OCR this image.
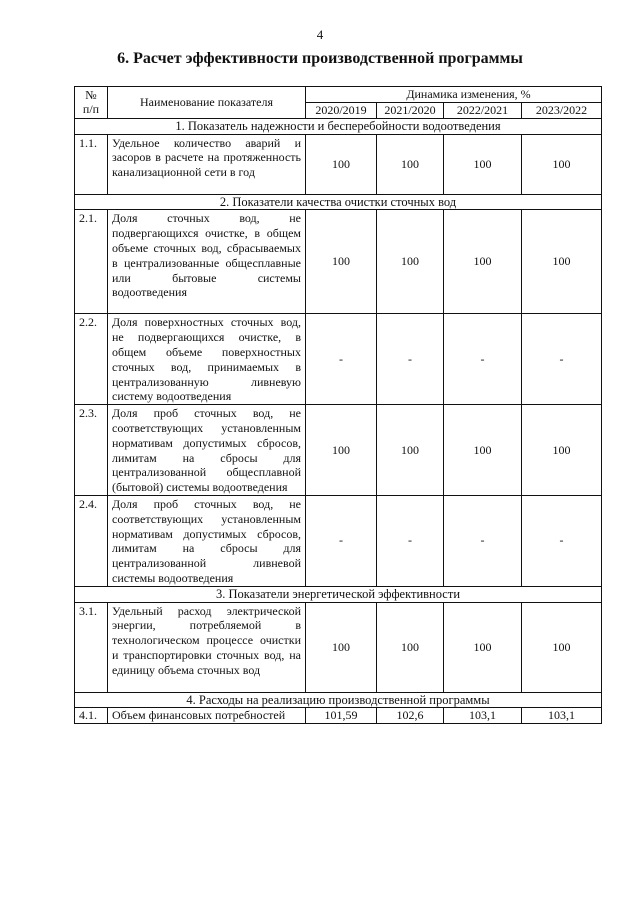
4
6. Расчет эффективности производственной программы
№
п/п	Наименование показателя	Динамика изменения, %			
		2020/2019	2021/2020	2022/2021	2023/2022
1. Показатель надежности и бесперебойности водоотведения					
1.1.	Удельное количество аварий и засоров в расчете на протяженность канализационной сети в год	100	100	100	100
2. Показатели качества очистки сточных вод					
2.1.	Доля сточных вод, не подвергающихся очистке, в общем объеме сточных вод, сбрасываемых в централизованные общесплавные или бытовые системы водоотведения	100	100	100	100
2.2.	Доля поверхностных сточных вод, не подвергающихся очистке, в общем объеме поверхностных сточных вод, принимаемых в централизованную ливневую систему водоотведения	-	-	-	-
2.3.	Доля проб сточных вод, не соответствующих установленным нормативам допустимых сбросов, лимитам на сбросы для централизованной общесплавной (бытовой) системы водоотведения	100	100	100	100
2.4.	Доля проб сточных вод, не соответствующих установленным нормативам допустимых сбросов, лимитам на сбросы для централизованной ливневой системы водоотведения	-	-	-	-
3. Показатели энергетической эффективности					
3.1.	Удельный расход электрической энергии, потребляемой в технологическом процессе очистки и транспортировки сточных вод, на единицу объема сточных вод	100	100	100	100
4. Расходы на реализацию производственной программы					
4.1.	Объем финансовых потребностей	101,59	102,6	103,1	103,1
